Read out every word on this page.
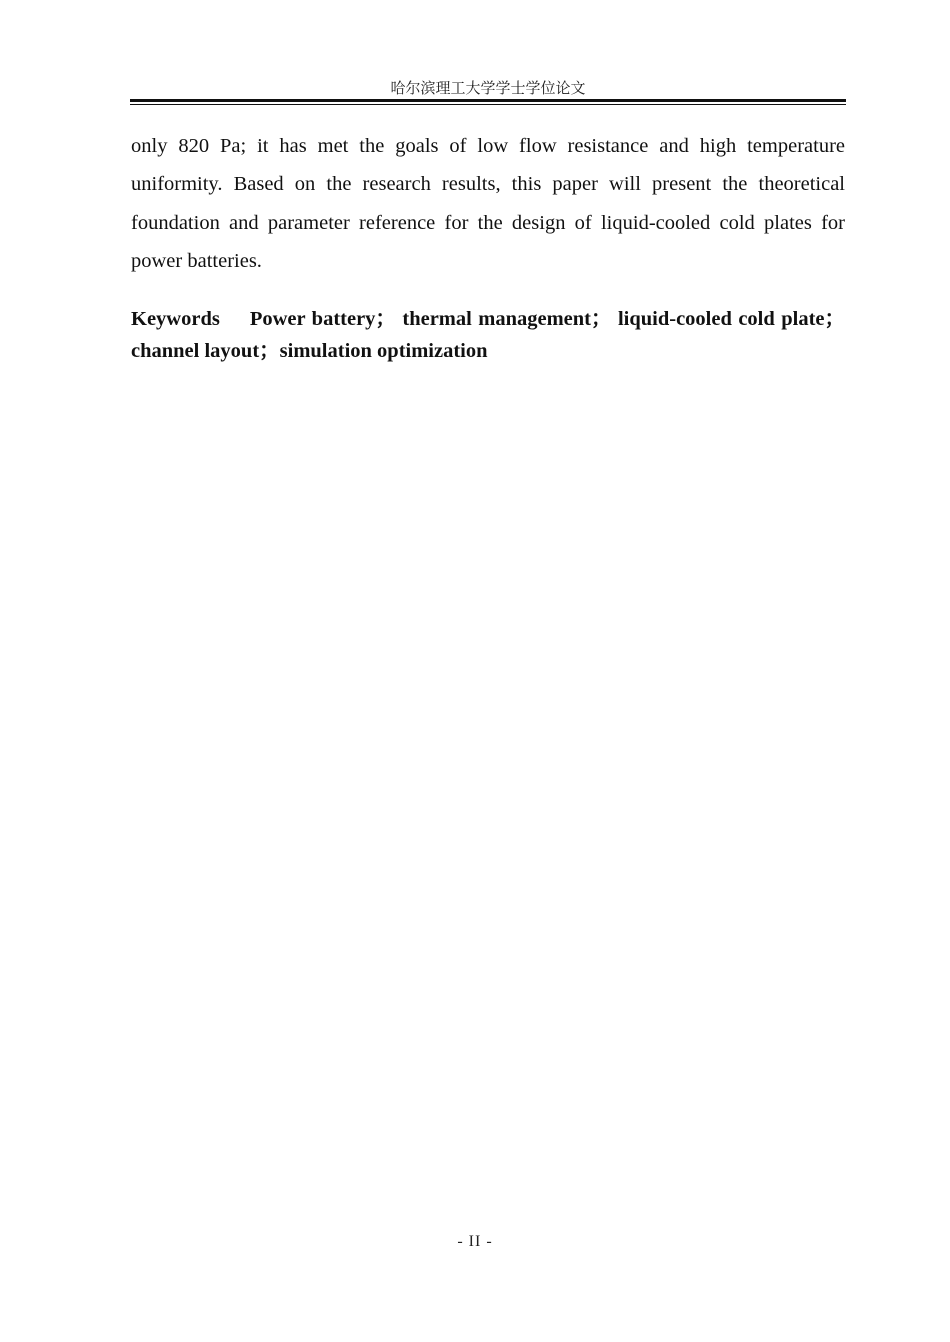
哈尔滨理工大学学士学位论文

only 820 Pa; it has met the goals of low flow resistance and high temperature uniformity. Based on the research results, this paper will present the theoretical foundation and parameter reference for the design of liquid-cooled cold plates for power batteries.

Keywords Power battery； thermal management； liquid-cooled cold plate；channel layout；simulation optimization

- II -
